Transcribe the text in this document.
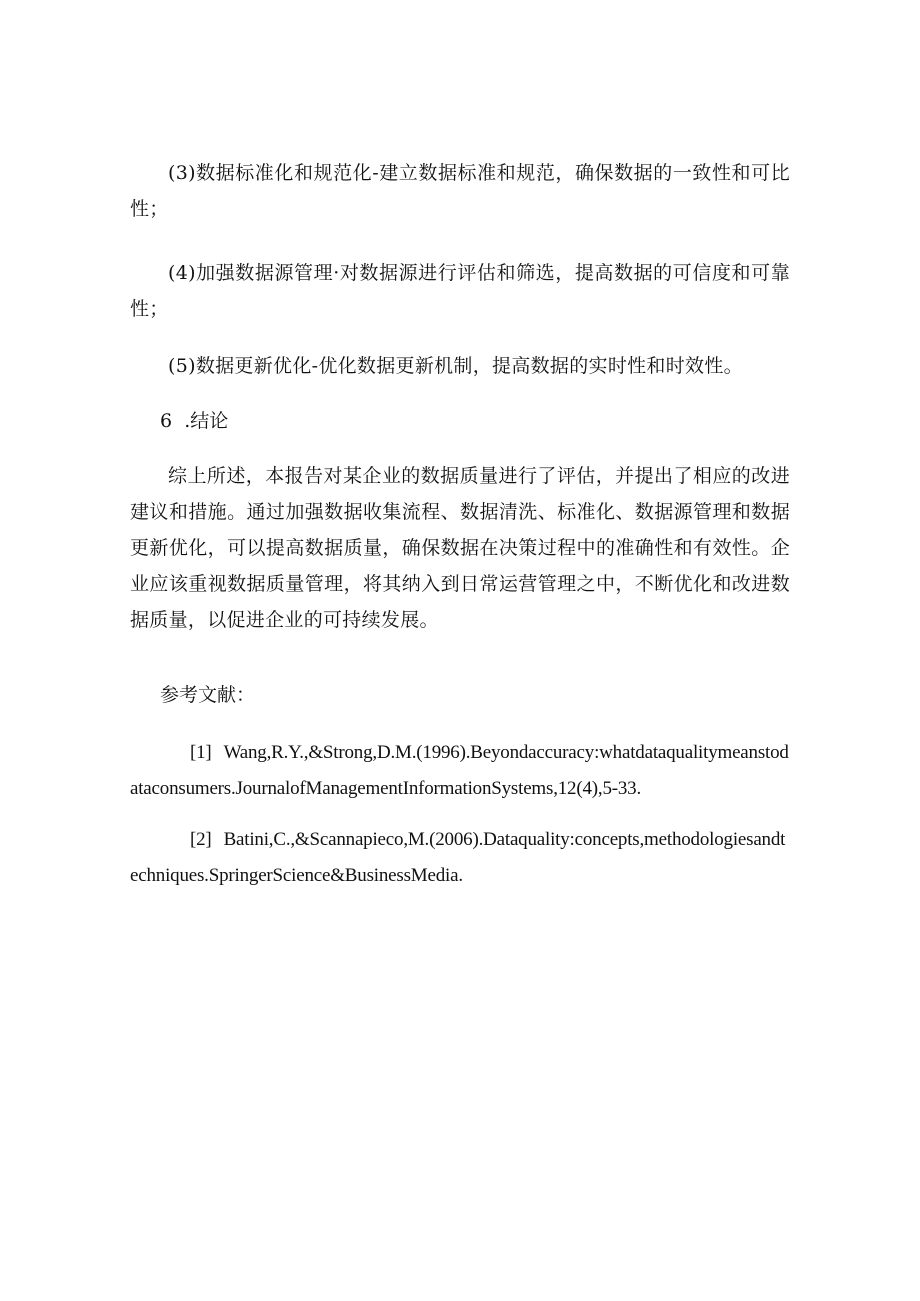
(3)数据标准化和规范化-建立数据标准和规范，确保数据的一致性和可比性；

(4)加强数据源管理·对数据源进行评估和筛选，提高数据的可信度和可靠性；

(5)数据更新优化-优化数据更新机制，提高数据的实时性和时效性。

6 .结论

综上所述，本报告对某企业的数据质量进行了评估，并提出了相应的改进建议和措施。通过加强数据收集流程、数据清洗、标准化、数据源管理和数据更新优化，可以提高数据质量，确保数据在决策过程中的准确性和有效性。企业应该重视数据质量管理，将其纳入到日常运营管理之中，不断优化和改进数据质量，以促进企业的可持续发展。

参考文献：

[1] Wang,R.Y.,&Strong,D.M.(1996).Beyondaccuracy:whatdataqualitymeanstodataconsumers.JournalofManagementInformationSystems,12(4),5-33.

[2] Batini,C.,&Scannapieco,M.(2006).Dataquality:concepts,methodologiesandtechniques.SpringerScience&BusinessMedia.
